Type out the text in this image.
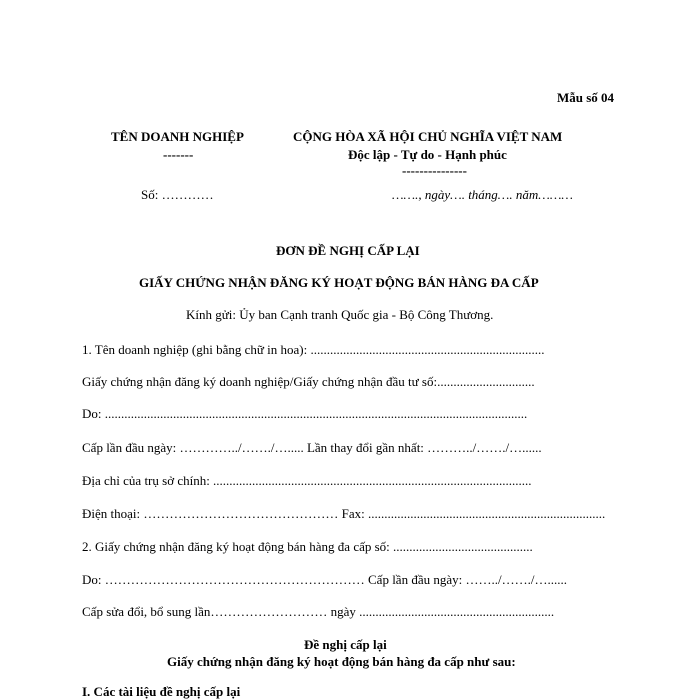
Mẫu số 04
TÊN DOANH NGHIỆP
-------
CỘNG HÒA XÃ HỘI CHỦ NGHĨA VIỆT NAM
Độc lập - Tự do - Hạnh phúc
---------------
Số: …………	……., ngày…. tháng…. năm………
ĐƠN ĐỀ NGHỊ CẤP LẠI
GIẤY CHỨNG NHẬN ĐĂNG KÝ HOẠT ĐỘNG BÁN HÀNG ĐA CẤP
Kính gửi: Ủy ban Cạnh tranh Quốc gia - Bộ Công Thương.
1. Tên doanh nghiệp (ghi bằng chữ in hoa): ........................................................................
Giấy chứng nhận đăng ký doanh nghiệp/Giấy chứng nhận đầu tư số:..............................
Do: ..................................................................................................................................
Cấp lần đầu ngày: …………../……./…..... Lần thay đổi gần nhất: ………../……./…......
Địa chỉ của trụ sở chính: ..................................................................................................
Điện thoại: ……………………………………… Fax: .........................................................................
2. Giấy chứng nhận đăng ký hoạt động bán hàng đa cấp số: ...........................................
Do: …………………………………………………… Cấp lần đầu ngày: ……../……./…......
Cấp sửa đổi, bổ sung lần……………………… ngày ............................................................
Đề nghị cấp lại
Giấy chứng nhận đăng ký hoạt động bán hàng đa cấp như sau:
I. Các tài liệu đề nghị cấp lại
